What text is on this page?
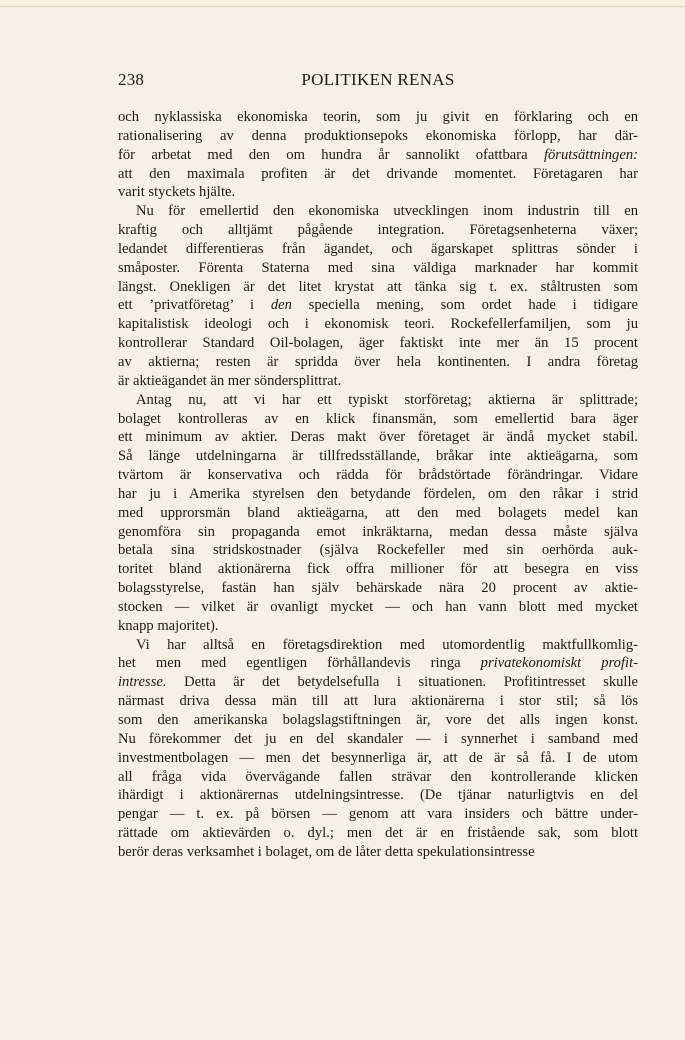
238	POLITIKEN RENAS

och nyklassiska ekonomiska teorin, som ju givit en förklaring och en
rationalisering av denna produktionsepoks ekonomiska förlopp, har där-
för arbetat med den om hundra år sannolikt ofattbara förutsättningen:
att den maximala profiten är det drivande momentet. Företagaren har
varit styckets hjälte.

Nu för emellertid den ekonomiska utvecklingen inom industrin till en
kraftig och alltjämt pågående integration. Företagsenheterna växer;
ledandet differentieras från ägandet, och ägarskapet splittras sönder i
småposter. Förenta Staterna med sina väldiga marknader har kommit
längst. Onekligen är det litet krystat att tänka sig t. ex. ståltrusten som
ett ’privatföretag’ i den speciella mening, som ordet hade i tidigare
kapitalistisk ideologi och i ekonomisk teori. Rockefellerfamiljen, som ju
kontrollerar Standard Oil-bolagen, äger faktiskt inte mer än 15 procent
av aktierna; resten är spridda över hela kontinenten. I andra företag
är aktieägandet än mer söndersplittrat.

Antag nu, att vi har ett typiskt storföretag; aktierna är splittrade;
bolaget kontrolleras av en klick finansmän, som emellertid bara äger
ett minimum av aktier. Deras makt över företaget är ändå mycket stabil.
Så länge utdelningarna är tillfredsställande, bråkar inte aktieägarna, som
tvärtom är konservativa och rädda för brådstörtade förändringar. Vidare
har ju i Amerika styrelsen den betydande fördelen, om den råkar i strid
med upprorsmän bland aktieägarna, att den med bolagets medel kan
genomföra sin propaganda emot inkräktarna, medan dessa måste själva
betala sina stridskostnader (själva Rockefeller med sin oerhörda auk-
toritet bland aktionärerna fick offra millioner för att besegra en viss
bolagsstyrelse, fastän han själv behärskade nära 20 procent av aktie-
stocken — vilket är ovanligt mycket — och han vann blott med mycket
knapp majoritet).

Vi har alltså en företagsdirektion med utomordentlig maktfullkomlig-
het men med egentligen förhållandevis ringa privatekonomiskt profit-
intresse. Detta är det betydelsefulla i situationen. Profitintresset skulle
närmast driva dessa män till att lura aktionärerna i stor stil; så lös
som den amerikanska bolagslagstiftningen är, vore det alls ingen konst.
Nu förekommer det ju en del skandaler — i synnerhet i samband med
investmentbolagen — men det besynnerliga är, att de är så få. I de utom
all fråga vida övervägande fallen strävar den kontrollerande klicken
ihärdigt i aktionärernas utdelningsintresse. (De tjänar naturligtvis en del
pengar — t. ex. på börsen — genom att vara insiders och bättre under-
rättade om aktievärden o. dyl.; men det är en fristående sak, som blott
berör deras verksamhet i bolaget, om de låter detta spekulationsintresse
